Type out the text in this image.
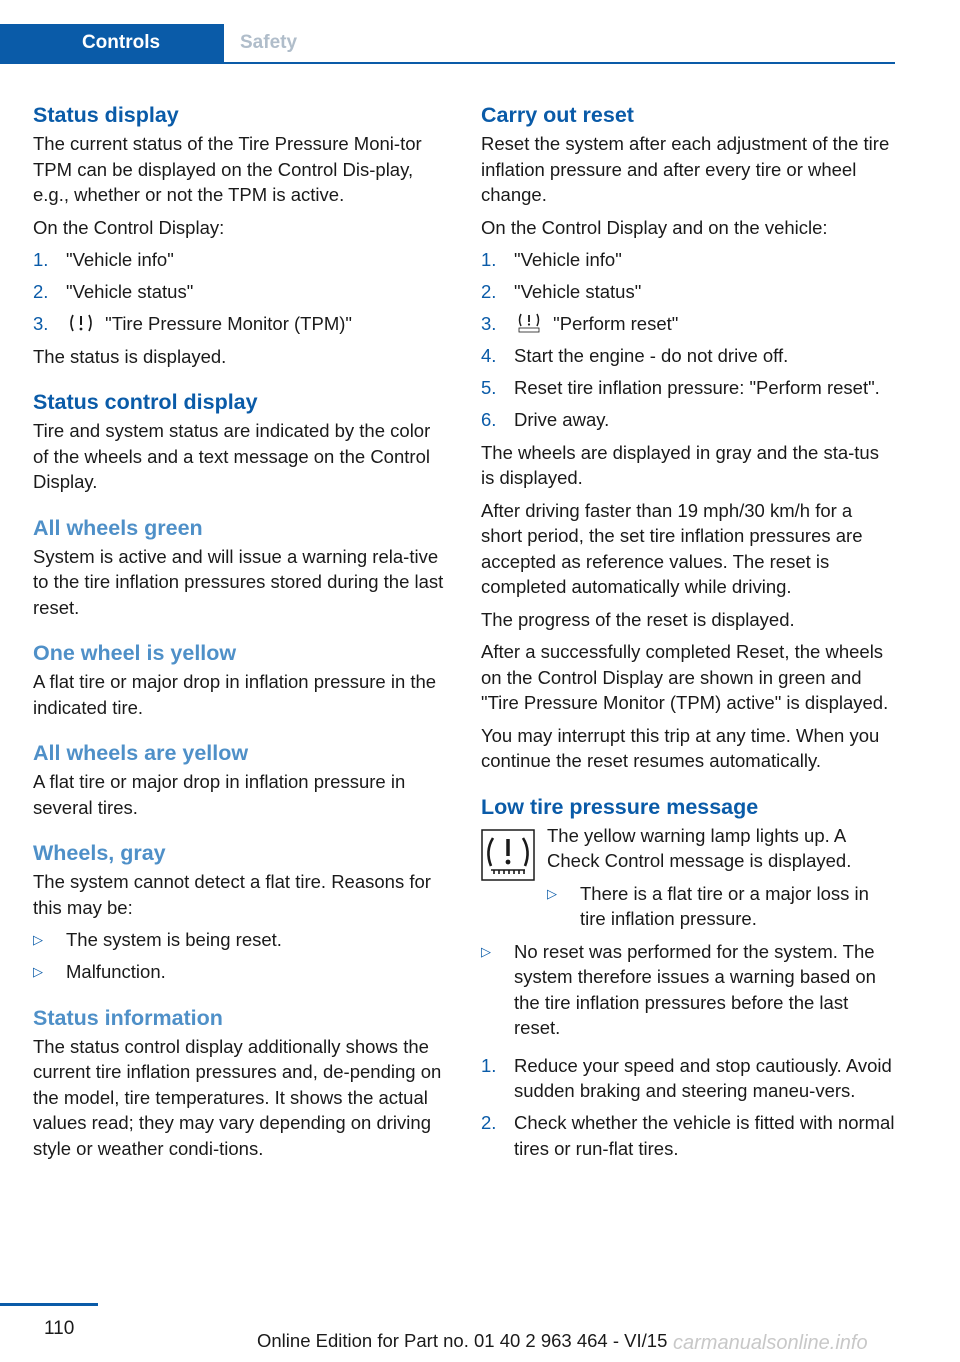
Controls	Safety
Status display

The current status of the Tire Pressure Moni-tor TPM can be displayed on the Control Dis-play, e.g., whether or not the TPM is active.

On the Control Display:

1. "Vehicle info"
2. "Vehicle status"
3.	"Tire Pressure Monitor (TPM)"

The status is displayed.

Status control display

Tire and system status are indicated by the color of the wheels and a text message on the Control Display.

All wheels green

System is active and will issue a warning rela-tive to the tire inflation pressures stored during the last reset.

One wheel is yellow

A flat tire or major drop in inflation pressure in the indicated tire.

All wheels are yellow

A flat tire or major drop in inflation pressure in several tires.

Wheels, gray

The system cannot detect a flat tire. Reasons for this may be:

▷ The system is being reset.
▷ Malfunction.
Status information

The status control display additionally shows the current tire inflation pressures and, de-pending on the model, tire temperatures. It shows the actual values read; they may vary depending on driving style or weather condi-tions.

Carry out reset

Reset the system after each adjustment of the tire inflation pressure and after every tire or wheel change.

On the Control Display and on the vehicle:

1. "Vehicle info"
2. "Vehicle status"
3.	"Perform reset"
4. Start the engine - do not drive off.
5. Reset tire inflation pressure: "Perform reset".
6. Drive away.

The wheels are displayed in gray and the sta-tus is displayed.

After driving faster than 19 mph/30 km/h for a short period, the set tire inflation pressures are accepted as reference values. The reset is completed automatically while driving.

The progress of the reset is displayed.

After a successfully completed Reset, the wheels on the Control Display are shown in green and "Tire Pressure Monitor (TPM) active" is displayed.

You may interrupt this trip at any time. When you continue the reset resumes automatically.

Low tire pressure message

The yellow warning lamp lights up. A Check Control message is displayed.

▷ There is a flat tire or a major loss in tire inflation pressure.
▷ No reset was performed for the system. The system therefore issues a warning based on the tire inflation pressures before the last reset.
1. Reduce your speed and stop cautiously. Avoid sudden braking and steering maneu-vers.
2. Check whether the vehicle is fitted with normal tires or run-flat tires.
110
Online Edition for Part no. 01 40 2 963 464 - VI/15 carmanualsonline.info
